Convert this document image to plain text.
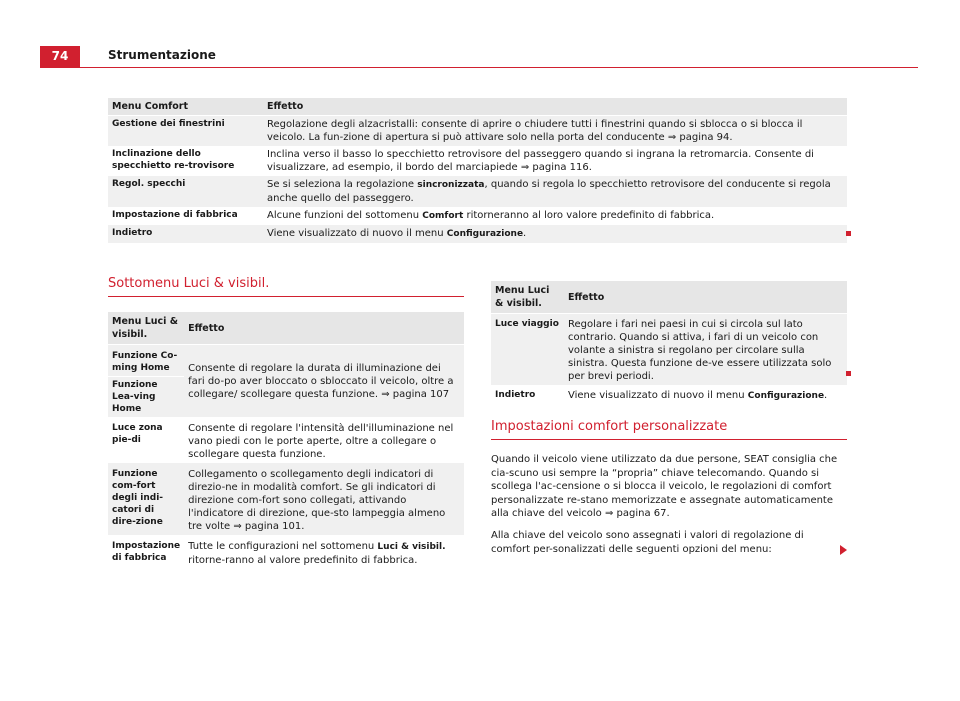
74	Strumentazione
Menu Comfort	Effetto
Gestione dei finestrini	Regolazione degli alzacristalli: consente di aprire o chiudere tutti i finestrini quando si sblocca o si blocca il veicolo. La fun-zione di apertura si può attivare solo nella porta del conducente ⇒ pagina 94.
Inclinazione dello specchietto re-trovisore	Inclina verso il basso lo specchietto retrovisore del passeggero quando si ingrana la retromarcia. Consente di visualizzare, ad esempio, il bordo del marciapiede ⇒ pagina 116.
Regol. specchi	Se si seleziona la regolazione sincronizzata, quando si regola lo specchietto retrovisore del conducente si regola anche quello del passeggero.
Impostazione di fabbrica	Alcune funzioni del sottomenu Comfort ritorneranno al loro valore predefinito di fabbrica.
Indietro	Viene visualizzato di nuovo il menu Configurazione.
Sottomenu Luci & visibil.
Menu Luci & visibil.	Effetto
Funzione Co-ming Home	Consente di regolare la durata di illuminazione dei fari do-po aver bloccato o sbloccato il veicolo, oltre a collegare/ scollegare questa funzione. ⇒ pagina 107
Funzione Lea-ving Home	
Luce zona pie-di	Consente di regolare l'intensità dell'illuminazione nel vano piedi con le porte aperte, oltre a collegare o scollegare questa funzione.
Funzione com-fort degli indi-catori di dire-zione	Collegamento o scollegamento degli indicatori di direzio-ne in modalità comfort. Se gli indicatori di direzione com-fort sono collegati, attivando l'indicatore di direzione, que-sto lampeggia almeno tre volte ⇒ pagina 101.
Impostazione di fabbrica	Tutte le configurazioni nel sottomenu Luci & visibil. ritorne-ranno al valore predefinito di fabbrica.
Menu Luci & visibil.	Effetto
Luce viaggio	Regolare i fari nei paesi in cui si circola sul lato contrario. Quando si attiva, i fari di un veicolo con volante a sinistra si regolano per circolare sulla sinistra. Questa funzione de-ve essere utilizzata solo per brevi periodi.
Indietro	Viene visualizzato di nuovo il menu Configurazione.
Impostazioni comfort personalizzate
Quando il veicolo viene utilizzato da due persone, SEAT consiglia che cia-scuno usi sempre la “propria” chiave telecomando. Quando si scollega l'ac-censione o si blocca il veicolo, le regolazioni di comfort personalizzate re-stano memorizzate e assegnate automaticamente alla chiave del veicolo ⇒ pagina 67.
Alla chiave del veicolo sono assegnati i valori di regolazione di comfort per-sonalizzati delle seguenti opzioni del menu:
